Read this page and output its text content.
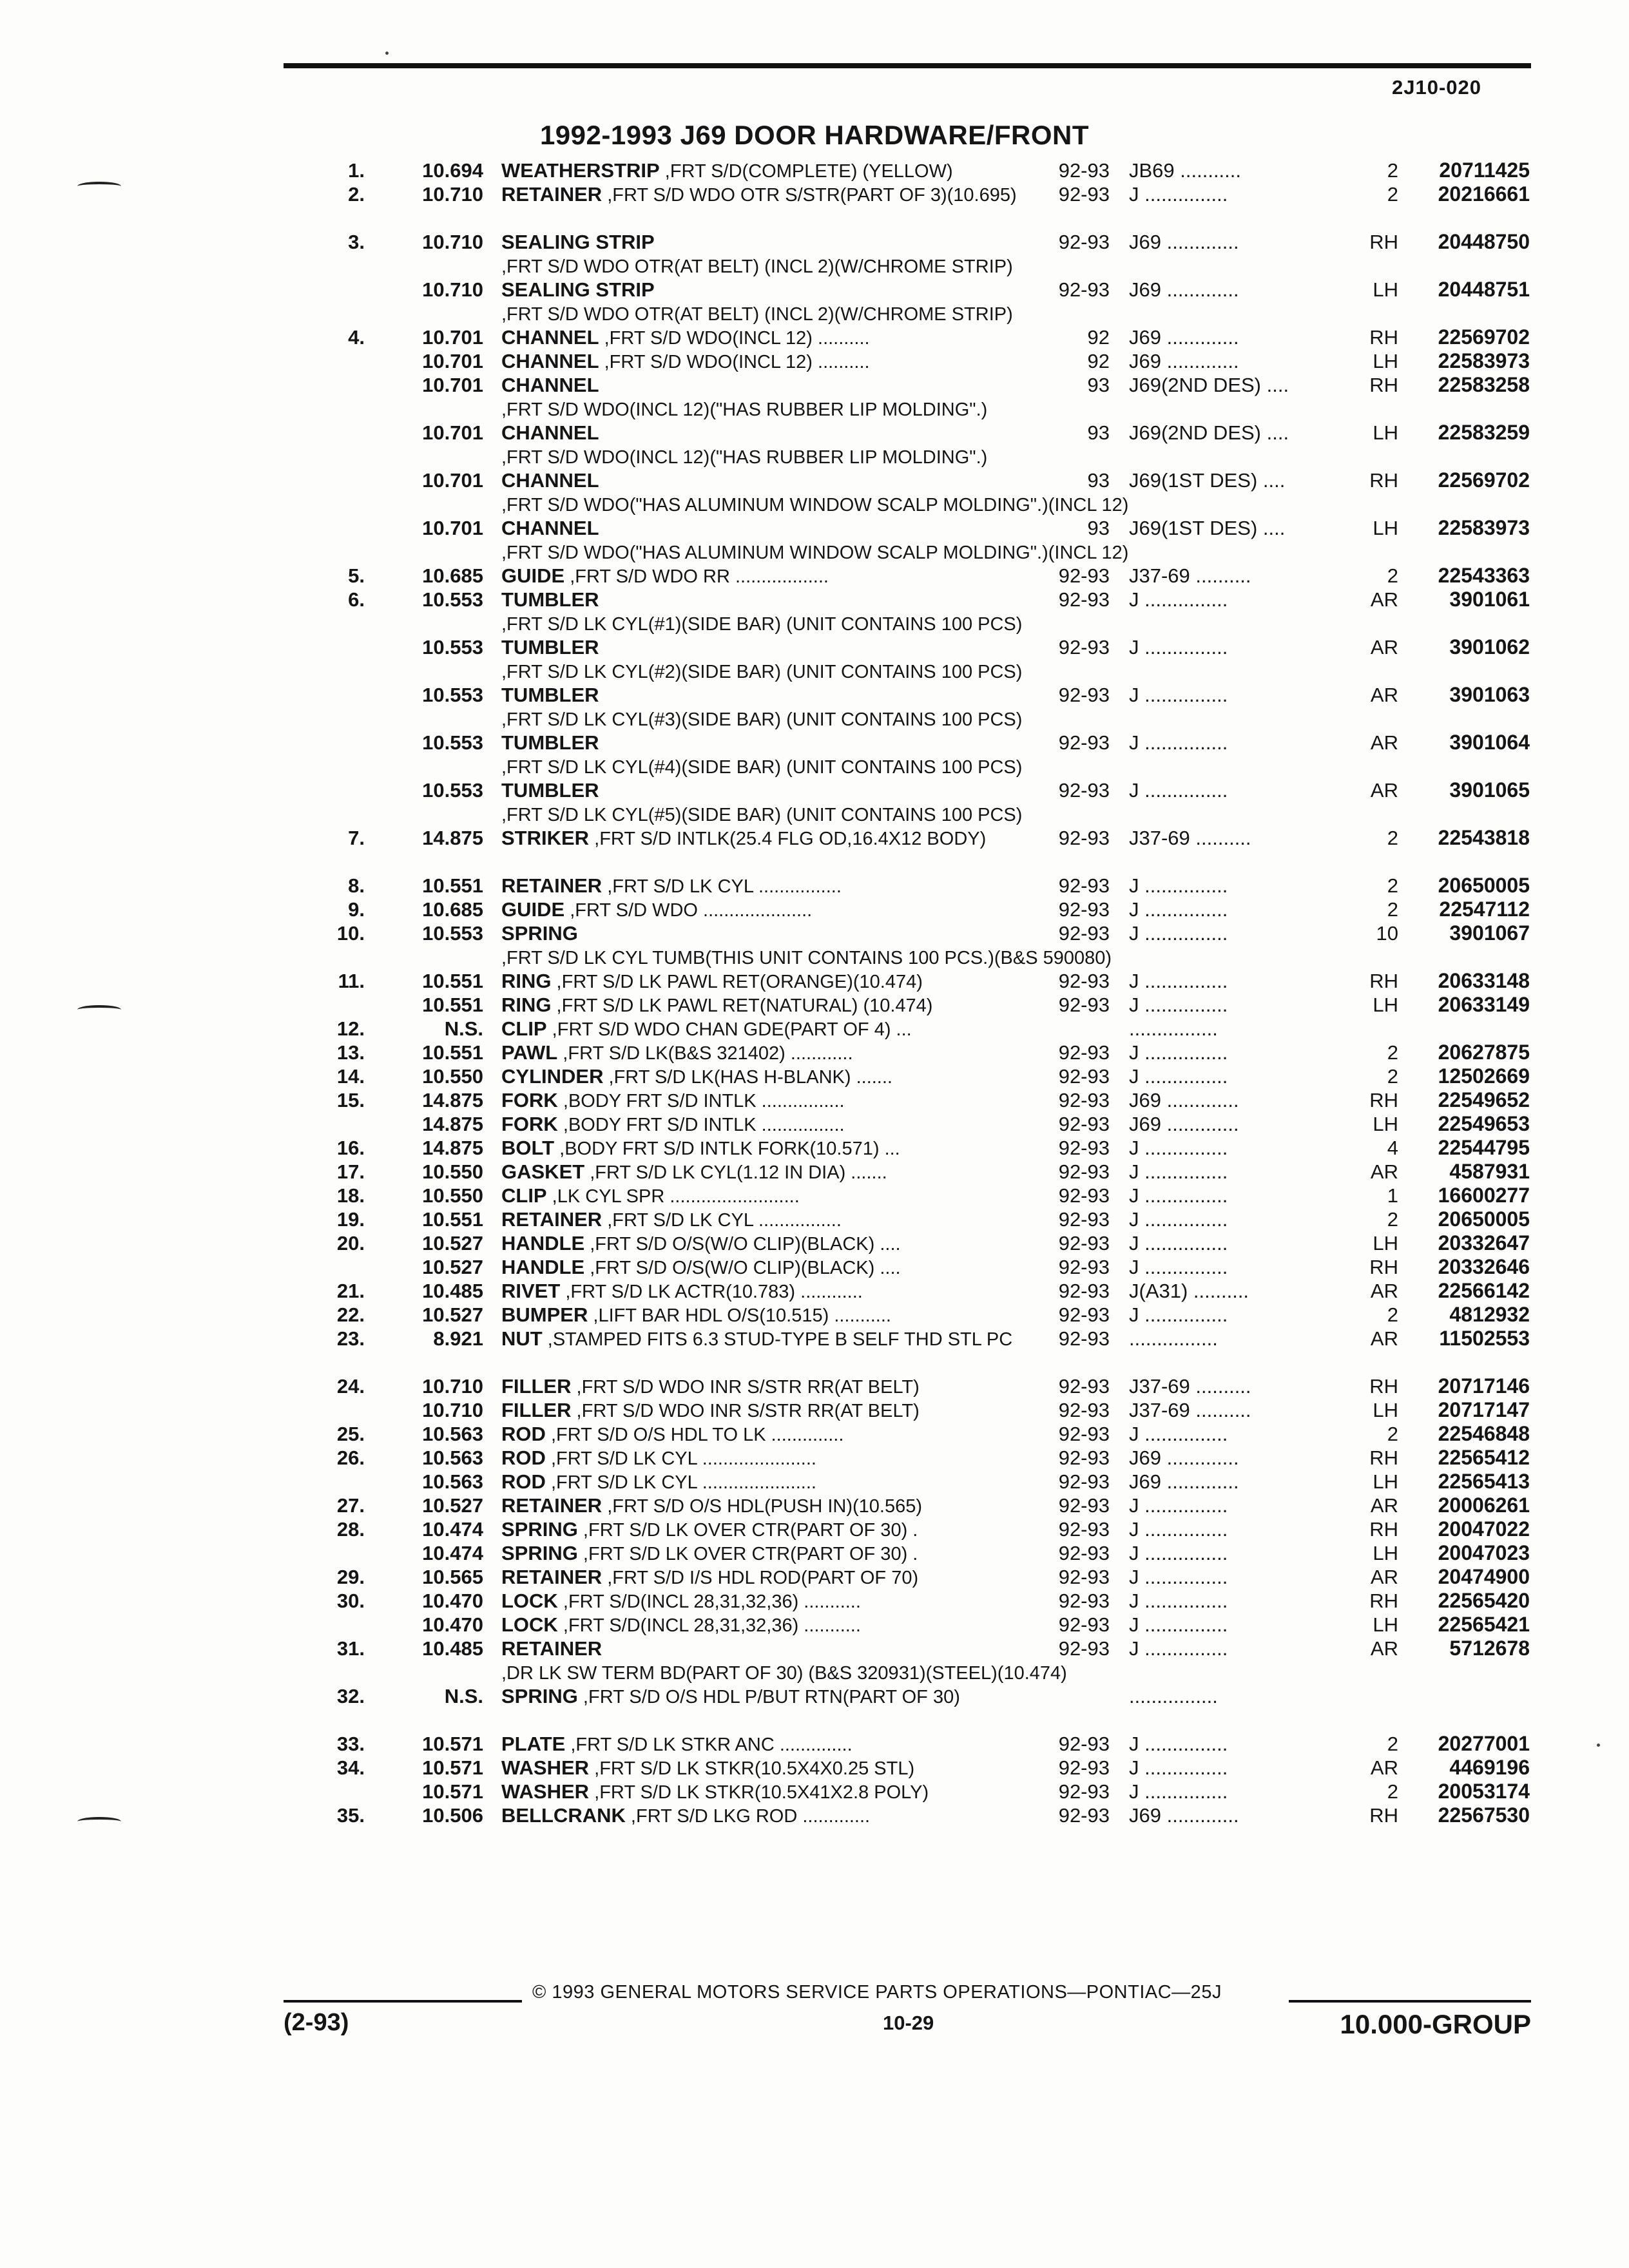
2J10-020
1992-1993 J69 DOOR HARDWARE/FRONT
1.	10.694 WEATHERSTRIP ,FRT S/D(COMPLETE) (YELLOW)	92-93 JB69 ...........	2	20711425
2.	10.710 RETAINER ,FRT S/D WDO OTR S/STR(PART OF 3)(10.695)	92-93 J ...............	2	20216661
3.	10.710 SEALING STRIP ,FRT S/D WDO OTR(AT BELT) (INCL 2)(W/CHROME STRIP)
92-93 J69 .............	RH	20448750
10.710 SEALING STRIP ,FRT S/D WDO OTR(AT BELT) (INCL 2)(W/CHROME STRIP)
92-93 J69 .............	LH	20448751
4.	10.701 CHANNEL ,FRT S/D WDO(INCL 12) ..........	92 J69 .............	RH	22569702
10.701 CHANNEL ,FRT S/D WDO(INCL 12) ..........	92 J69 .............	LH	22583973
10.701 CHANNEL ,FRT S/D WDO(INCL 12)("HAS RUBBER LIP MOLDING".)
93 J69(2ND DES) ....	RH	22583258
10.701 CHANNEL ,FRT S/D WDO(INCL 12)("HAS RUBBER LIP MOLDING".)
93 J69(2ND DES) ....	LH	22583259
10.701 CHANNEL ,FRT S/D WDO("HAS ALUMINUM WINDOW SCALP MOLDING".)(INCL 12)
93 J69(1ST DES) ....	RH	22569702
10.701 CHANNEL ,FRT S/D WDO("HAS ALUMINUM WINDOW SCALP MOLDING".)(INCL 12)
93 J69(1ST DES) ....	LH	22583973
5.	10.685 GUIDE ,FRT S/D WDO RR ..................	92-93 J37-69 ..........	2	22543363
6.	10.553 TUMBLER ,FRT S/D LK CYL(#1)(SIDE BAR) (UNIT CONTAINS 100 PCS)
92-93 J ...............	AR	3901061
10.553 TUMBLER ,FRT S/D LK CYL(#2)(SIDE BAR) (UNIT CONTAINS 100 PCS)
92-93 J ...............	AR	3901062
10.553 TUMBLER ,FRT S/D LK CYL(#3)(SIDE BAR) (UNIT CONTAINS 100 PCS)
92-93 J ...............	AR	3901063
10.553 TUMBLER ,FRT S/D LK CYL(#4)(SIDE BAR) (UNIT CONTAINS 100 PCS)
92-93 J ...............	AR	3901064
10.553 TUMBLER ,FRT S/D LK CYL(#5)(SIDE BAR) (UNIT CONTAINS 100 PCS)
92-93 J ...............	AR	3901065
7.	14.875 STRIKER ,FRT S/D INTLK(25.4 FLG OD,16.4X12 BODY)	92-93 J37-69 ..........	2	22543818
8.	10.551 RETAINER ,FRT S/D LK CYL ................	92-93 J ...............	2	20650005
9.	10.685 GUIDE ,FRT S/D WDO .....................	92-93 J ...............	2	22547112
10.	10.553 SPRING ,FRT S/D LK CYL TUMB(THIS UNIT CONTAINS 100 PCS.)(B&S 590080)
92-93 J ...............	10	3901067
11.	10.551 RING ,FRT S/D LK PAWL RET(ORANGE)(10.474)	92-93 J ...............	RH	20633148
10.551 RING ,FRT S/D LK PAWL RET(NATURAL) (10.474)	92-93 J ...............	LH	20633149
12.	N.S. CLIP ,FRT S/D WDO CHAN GDE(PART OF 4) ...	................
13.	10.551 PAWL ,FRT S/D LK(B&S 321402) ............	92-93 J ...............	2	20627875
14.	10.550 CYLINDER ,FRT S/D LK(HAS H-BLANK) .......	92-93 J ...............	2	12502669
15.	14.875 FORK ,BODY FRT S/D INTLK ................	92-93 J69 .............	RH	22549652
14.875 FORK ,BODY FRT S/D INTLK ................	92-93 J69 .............	LH	22549653
16.	14.875 BOLT ,BODY FRT S/D INTLK FORK(10.571) ...	92-93 J ...............	4	22544795
17.	10.550 GASKET ,FRT S/D LK CYL(1.12 IN DIA) .......	92-93 J ...............	AR	4587931
18.	10.550 CLIP ,LK CYL SPR .........................	92-93 J ...............	1	16600277
19.	10.551 RETAINER ,FRT S/D LK CYL ................	92-93 J ...............	2	20650005
20.	10.527 HANDLE ,FRT S/D O/S(W/O CLIP)(BLACK) ....	92-93 J ...............	LH	20332647
10.527 HANDLE ,FRT S/D O/S(W/O CLIP)(BLACK) ....	92-93 J ...............	RH	20332646
21.	10.485 RIVET ,FRT S/D LK ACTR(10.783) ............	92-93 J(A31) ..........	AR	22566142
22.	10.527 BUMPER ,LIFT BAR HDL O/S(10.515) ...........	92-93 J ...............	2	4812932
23.	8.921 NUT ,STAMPED FITS 6.3 STUD-TYPE B SELF THD STL PC	92-93 ................	AR	11502553
24.	10.710 FILLER ,FRT S/D WDO INR S/STR RR(AT BELT)	92-93 J37-69 ..........	RH	20717146
10.710 FILLER ,FRT S/D WDO INR S/STR RR(AT BELT)	92-93 J37-69 ..........	LH	20717147
25.	10.563 ROD ,FRT S/D O/S HDL TO LK ..............	92-93 J ...............	2	22546848
26.	10.563 ROD ,FRT S/D LK CYL ......................	92-93 J69 .............	RH	22565412
10.563 ROD ,FRT S/D LK CYL ......................	92-93 J69 .............	LH	22565413
27.	10.527 RETAINER ,FRT S/D O/S HDL(PUSH IN)(10.565)	92-93 J ...............	AR	20006261
28.	10.474 SPRING ,FRT S/D LK OVER CTR(PART OF 30) .	92-93 J ...............	RH	20047022
10.474 SPRING ,FRT S/D LK OVER CTR(PART OF 30) .	92-93 J ...............	LH	20047023
29.	10.565 RETAINER ,FRT S/D I/S HDL ROD(PART OF 70)	92-93 J ...............	AR	20474900
30.	10.470 LOCK ,FRT S/D(INCL 28,31,32,36) ...........	92-93 J ...............	RH	22565420
10.470 LOCK ,FRT S/D(INCL 28,31,32,36) ...........	92-93 J ...............	LH	22565421
31.	10.485 RETAINER ,DR LK SW TERM BD(PART OF 30) (B&S 320931)(STEEL)(10.474)
92-93 J ...............	AR	5712678
32.	N.S. SPRING ,FRT S/D O/S HDL P/BUT RTN(PART OF 30)	................
33.	10.571 PLATE ,FRT S/D LK STKR ANC ..............	92-93 J ...............	2	20277001
34.	10.571 WASHER ,FRT S/D LK STKR(10.5X4X0.25 STL)	92-93 J ...............	AR	4469196
10.571 WASHER ,FRT S/D LK STKR(10.5X41X2.8 POLY)	92-93 J ...............	2	20053174
35.	10.506 BELLCRANK ,FRT S/D LKG ROD .............	92-93 J69 .............	RH	22567530
© 1993 GENERAL MOTORS SERVICE PARTS OPERATIONS—PONTIAC—25J
(2-93)	10-29	10.000-GROUP
